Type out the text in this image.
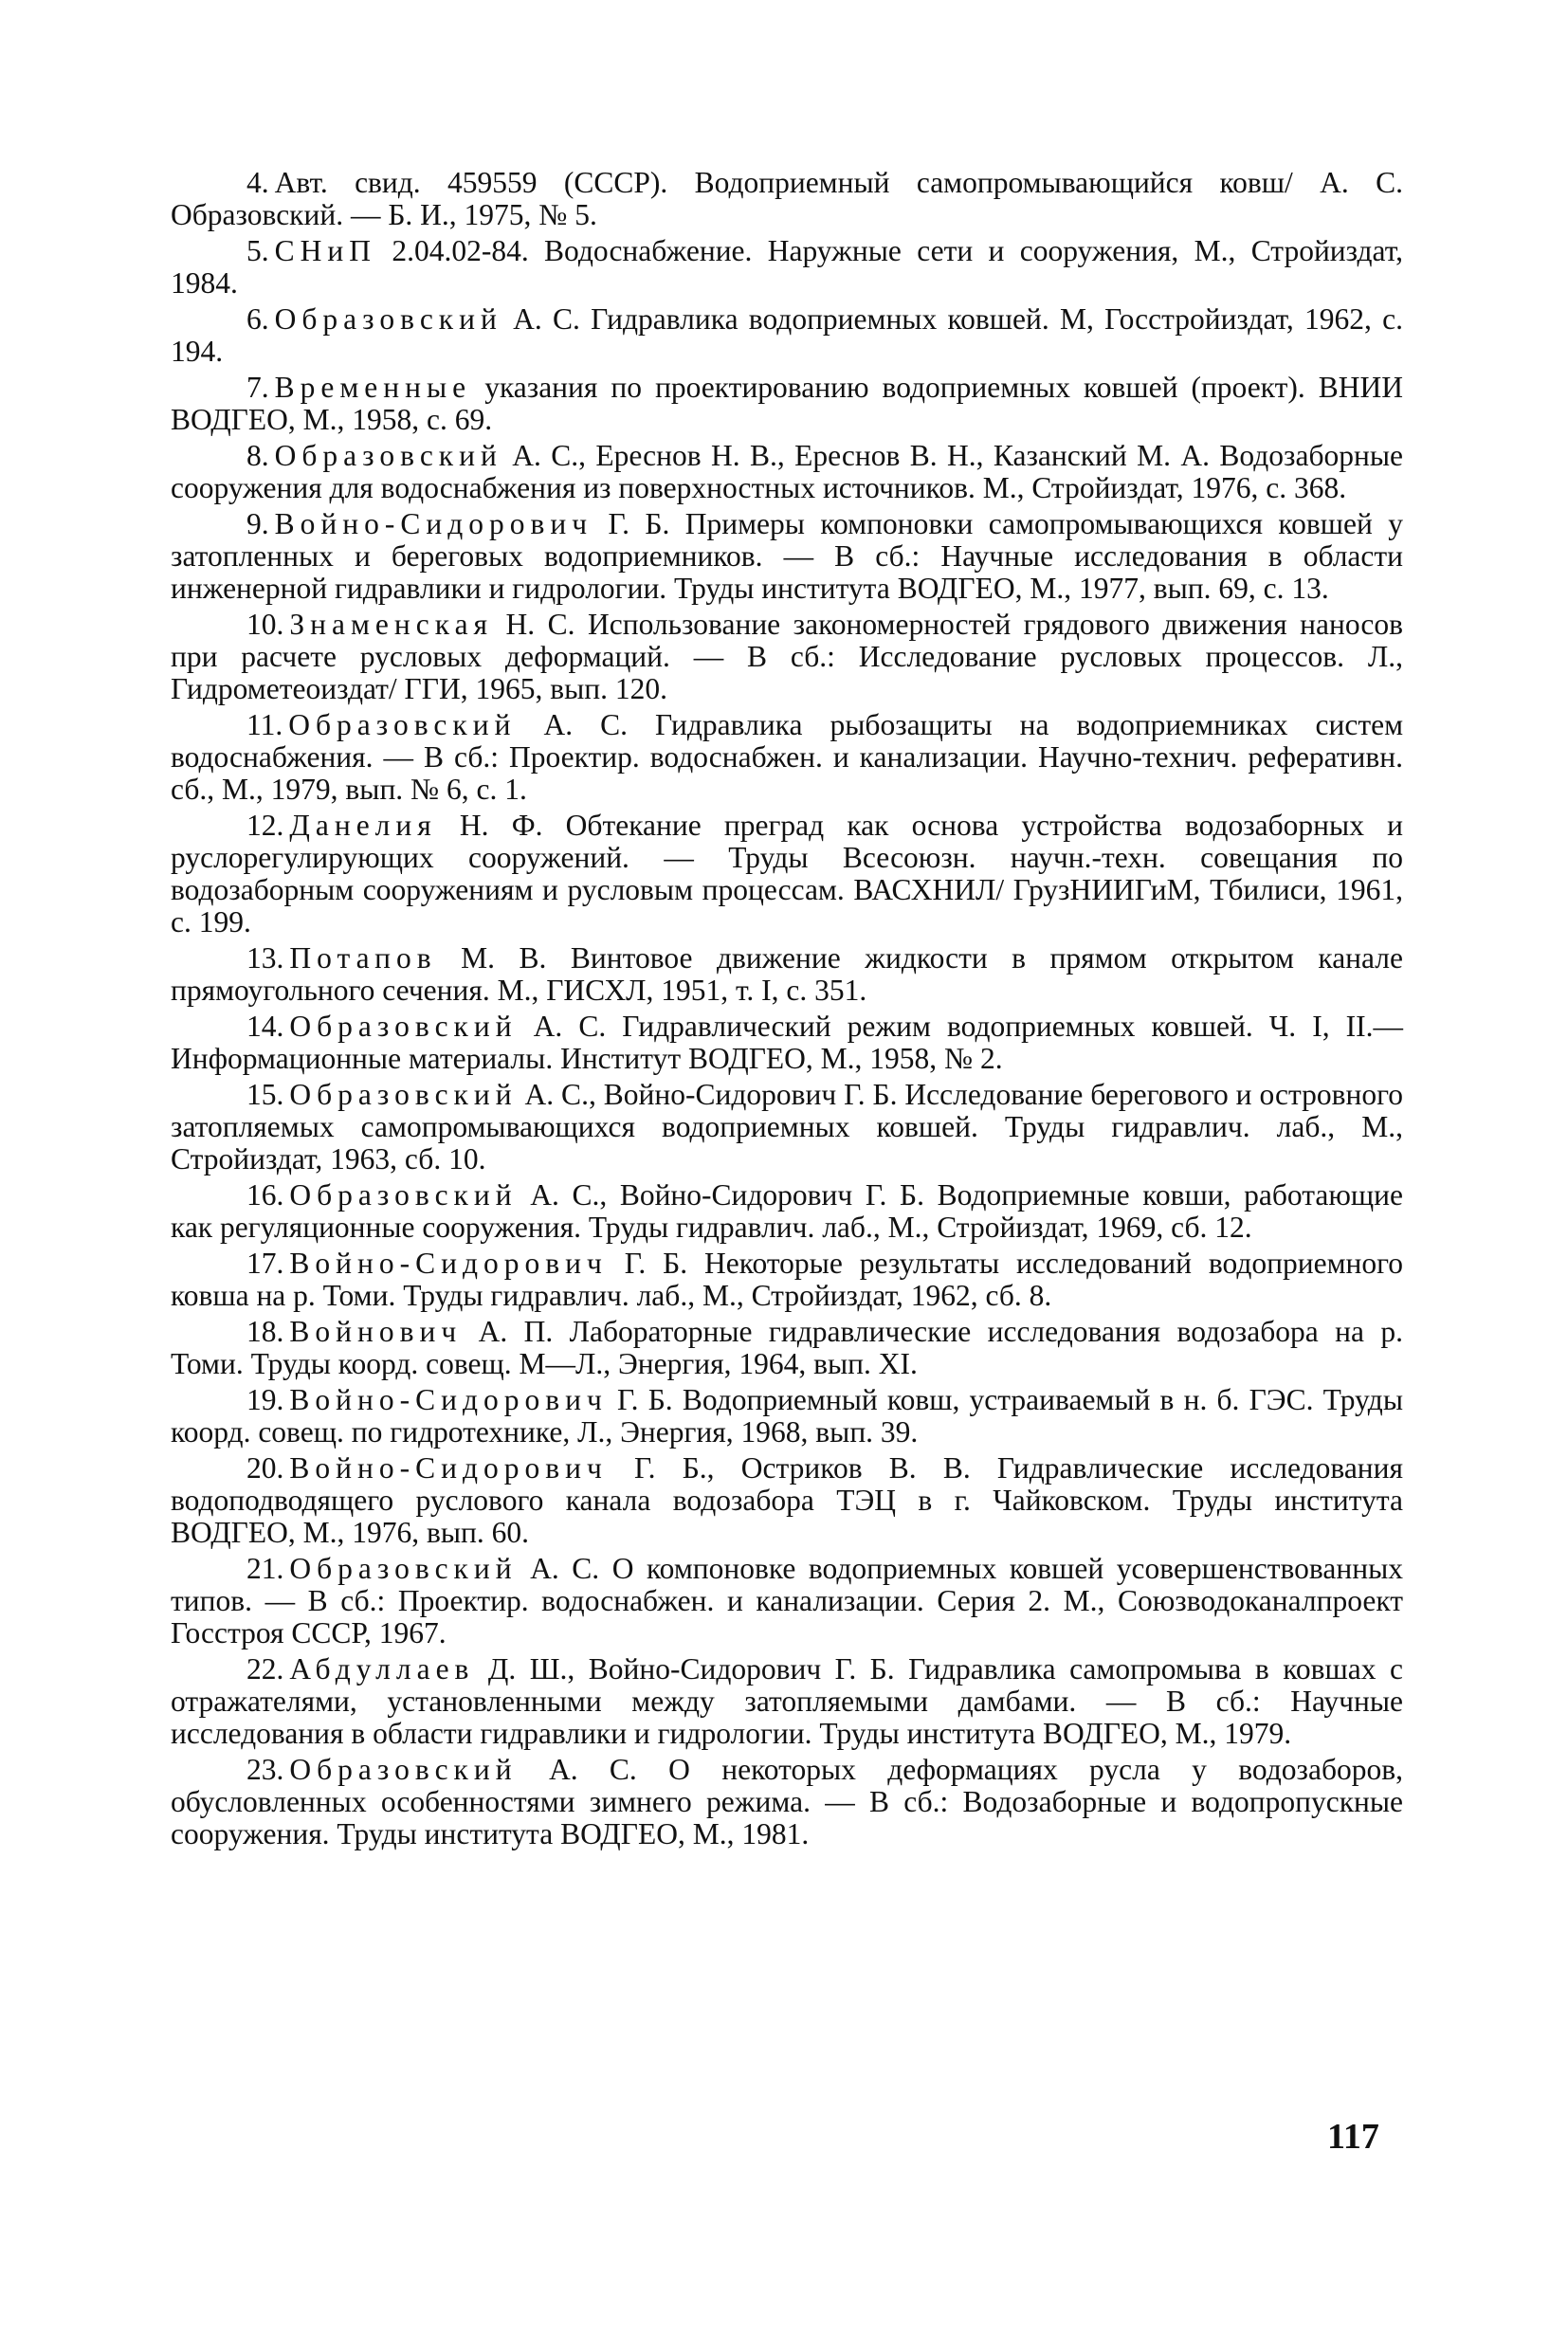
4. Авт. свид. 459559 (СССР). Водоприемный самопромывающийся ковш/ А. С. Образовский. — Б. И., 1975, № 5.

5. СНиП 2.04.02-84. Водоснабжение. Наружные сети и сооружения, М., Стройиздат, 1984.

6. Образовский А. С. Гидравлика водоприемных ковшей. М, Госстройиздат, 1962, с. 194.

7. Временные указания по проектированию водоприемных ковшей (проект). ВНИИ ВОДГЕО, М., 1958, с. 69.

8. Образовский А. С., Ереснов Н. В., Ереснов В. Н., Казанский М. А. Водозаборные сооружения для водоснабжения из поверхностных источников. М., Стройиздат, 1976, с. 368.

9. Войно-Сидорович Г. Б. Примеры компоновки самопромывающихся ковшей у затопленных и береговых водоприемников. — В сб.: Научные исследования в области инженерной гидравлики и гидрологии. Труды института ВОДГЕО, М., 1977, вып. 69, с. 13.

10. Знаменская Н. С. Использование закономерностей грядового движения наносов при расчете русловых деформаций. — В сб.: Исследование русловых процессов. Л., Гидрометеоиздат/ ГГИ, 1965, вып. 120.

11. Образовский А. С. Гидравлика рыбозащиты на водоприемниках систем водоснабжения. — В сб.: Проектир. водоснабжен. и канализации. Научно-технич. реферативн. сб., М., 1979, вып. № 6, с. 1.

12. Данелия Н. Ф. Обтекание преград как основа устройства водозаборных и руслорегулирующих сооружений. — Труды Всесоюзн. научн.-техн. совещания по водозаборным сооружениям и русловым процессам. ВАСХНИЛ/ ГрузНИИГиМ, Тбилиси, 1961, с. 199.

13. Потапов М. В. Винтовое движение жидкости в прямом открытом канале прямоугольного сечения. М., ГИСХЛ, 1951, т. I, с. 351.

14. Образовский А. С. Гидравлический режим водоприемных ковшей. Ч. I, II.— Информационные материалы. Институт ВОДГЕО, М., 1958, № 2.

15. Образовский А. С., Войно-Сидорович Г. Б. Исследование берегового и островного затопляемых самопромывающихся водоприемных ковшей. Труды гидравлич. лаб., М., Стройиздат, 1963, сб. 10.

16. Образовский А. С., Войно-Сидорович Г. Б. Водоприемные ковши, работающие как регуляционные сооружения. Труды гидравлич. лаб., М., Стройиздат, 1969, сб. 12.

17. Войно-Сидорович Г. Б. Некоторые результаты исследований водоприемного ковша на р. Томи. Труды гидравлич. лаб., М., Стройиздат, 1962, сб. 8.

18. Войнович А. П. Лабораторные гидравлические исследования водозабора на р. Томи. Труды коорд. совещ. М—Л., Энергия, 1964, вып. XI.

19. Войно-Сидорович Г. Б. Водоприемный ковш, устраиваемый в н. б. ГЭС. Труды коорд. совещ. по гидротехнике, Л., Энергия, 1968, вып. 39.

20. Войно-Сидорович Г. Б., Остриков В. В. Гидравлические исследования водоподводящего руслового канала водозабора ТЭЦ в г. Чайковском. Труды института ВОДГЕО, М., 1976, вып. 60.

21. Образовский А. С. О компоновке водоприемных ковшей усовершенствованных типов. — В сб.: Проектир. водоснабжен. и канализации. Серия 2. М., Союзводоканалпроект Госстроя СССР, 1967.

22. Абдуллаев Д. Ш., Войно-Сидорович Г. Б. Гидравлика самопромыва в ковшах с отражателями, установленными между затопляемыми дамбами. — В сб.: Научные исследования в области гидравлики и гидрологии. Труды института ВОДГЕО, М., 1979.

23. Образовский А. С. О некоторых деформациях русла у водозаборов, обусловленных особенностями зимнего режима. — В сб.: Водозаборные и водопропускные сооружения. Труды института ВОДГЕО, М., 1981.

117
